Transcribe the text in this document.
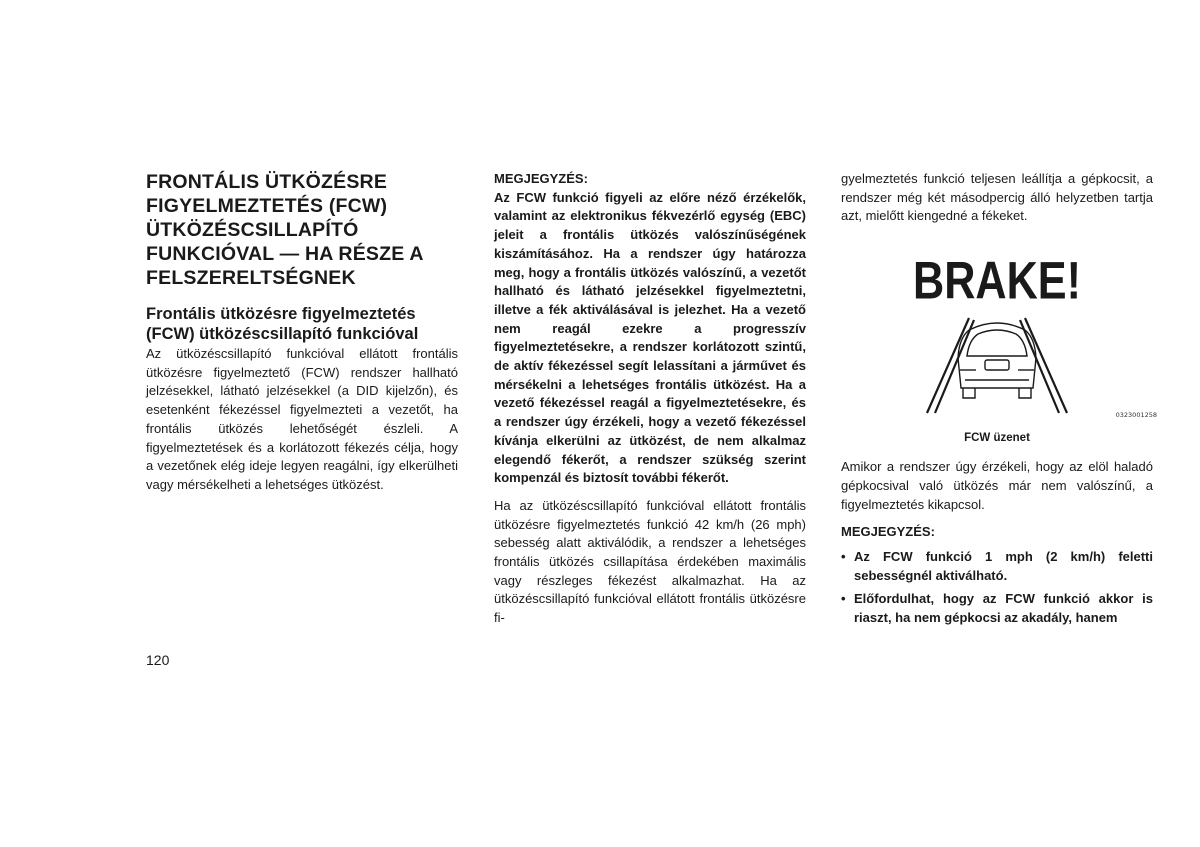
FRONTÁLIS ÜTKÖZÉSRE FIGYELMEZTETÉS (FCW) ÜTKÖZÉSCSILLAPÍTÓ FUNKCIÓVAL — HA RÉSZE A FELSZERELTSÉGNEK
Frontális ütközésre figyelmeztetés (FCW) ütközéscsillapító funkcióval

Az ütközéscsillapító funkcióval ellátott frontális ütközésre figyelmeztető (FCW) rendszer hallható jelzésekkel, látható jelzésekkel (a DID kijelzőn), és esetenként fékezéssel figyelmezteti a vezetőt, ha frontális ütközés lehetőségét észleli. A figyelmeztetések és a korlátozott fékezés célja, hogy a vezetőnek elég ideje legyen reagálni, így elkerülheti vagy mérsékelheti a lehetséges ütközést.

MEGJEGYZÉS:

Az FCW funkció figyeli az előre néző érzékelők, valamint az elektronikus fékvezérlő egység (EBC) jeleit a frontális ütközés valószínűségének kiszámításához. Ha a rendszer úgy határozza meg, hogy a frontális ütközés valószínű, a vezetőt hallható és látható jelzésekkel figyelmeztetni, illetve a fék aktiválásával is jelezhet. Ha a vezető nem reagál ezekre a progresszív figyelmeztetésekre, a rendszer korlátozott szintű, de aktív fékezéssel segít lelassítani a járművet és mérsékelni a lehetséges frontális ütközést. Ha a vezető fékezéssel reagál a figyelmeztetésekre, és a rendszer úgy érzékeli, hogy a vezető fékezéssel kívánja elkerülni az ütközést, de nem alkalmaz elegendő fékerőt, a rendszer szükség szerint kompenzál és biztosít további fékerőt.

Ha az ütközéscsillapító funkcióval ellátott frontális ütközésre figyelmeztetés funkció 42 km/h (26 mph) sebesség alatt aktiválódik, a rendszer a lehetséges frontális ütközés csillapítása érdekében maximális vagy részleges fékezést alkalmazhat. Ha az ütközéscsillapító funkcióval ellátott frontális ütközésre fi-

gyelmeztetés funkció teljesen leállítja a gépkocsit, a rendszer még két másodpercig álló helyzetben tartja azt, mielőtt kiengedné a fékeket.

BRAKE!
0323001258
FCW üzenet

Amikor a rendszer úgy érzékeli, hogy az elöl haladó gépkocsival való ütközés már nem valószínű, a figyelmeztetés kikapcsol.

MEGJEGYZÉS:
• Az FCW funkció 1 mph (2 km/h) feletti sebességnél aktiválható.
• Előfordulhat, hogy az FCW funkció akkor is riaszt, ha nem gépkocsi az akadály, hanem
120
